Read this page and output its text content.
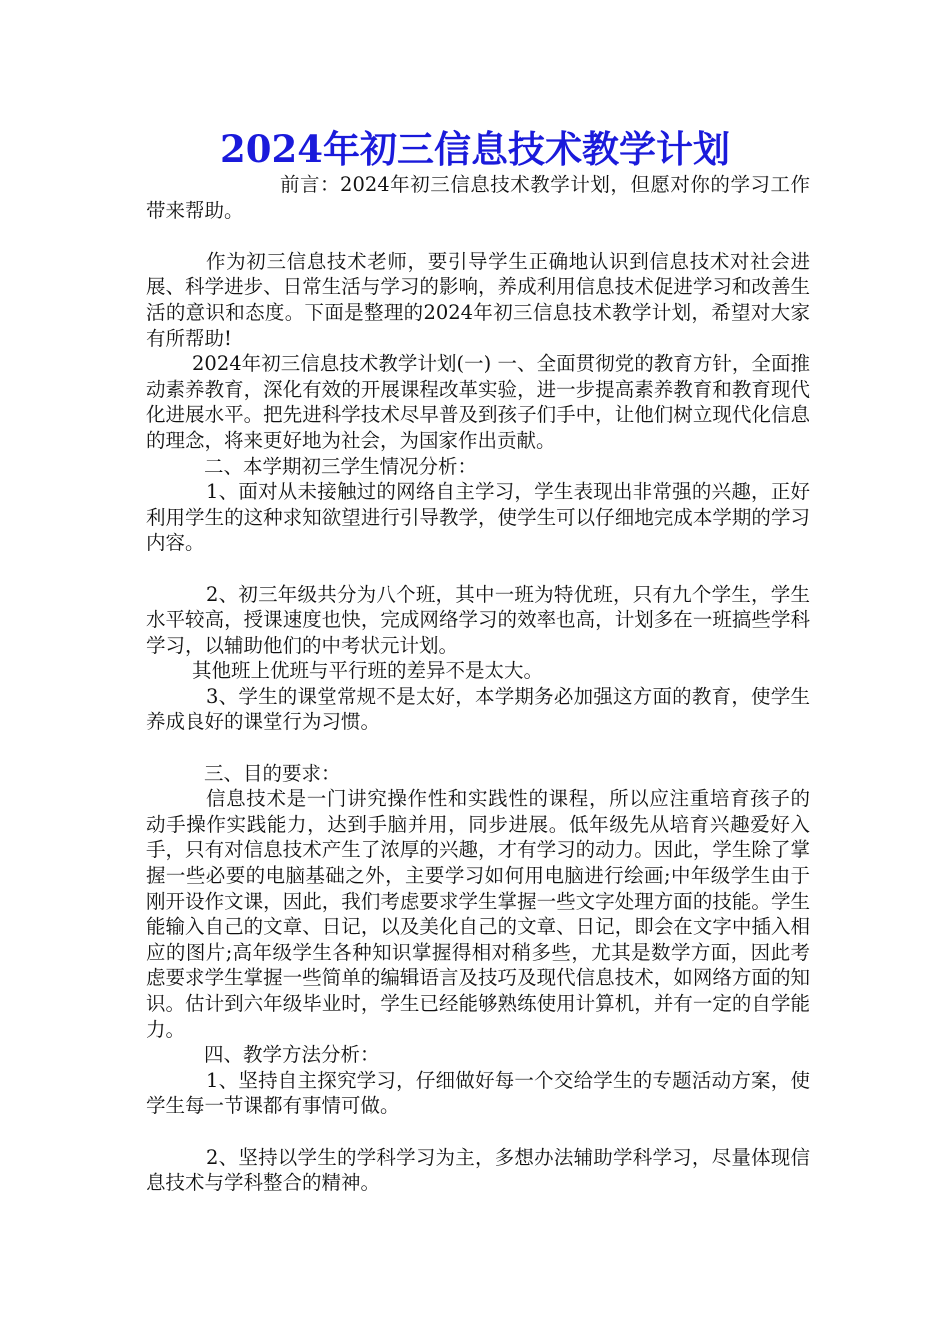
2024年初三信息技术教学计划

前言：2024年初三信息技术教学计划，但愿对你的学习工作带来帮助。

作为初三信息技术老师，要引导学生正确地认识到信息技术对社会进展、科学进步、日常生活与学习的影响，养成利用信息技术促进学习和改善生活的意识和态度。下面是整理的2024年初三信息技术教学计划，希望对大家有所帮助!

2024年初三信息技术教学计划(一) 一、全面贯彻党的教育方针，全面推动素养教育，深化有效的开展课程改革实验，进一步提高素养教育和教育现代化进展水平。把先进科学技术尽早普及到孩子们手中，让他们树立现代化信息的理念，将来更好地为社会，为国家作出贡献。

二、本学期初三学生情况分析：

1、面对从未接触过的网络自主学习，学生表现出非常强的兴趣，正好利用学生的这种求知欲望进行引导教学，使学生可以仔细地完成本学期的学习内容。

2、初三年级共分为八个班，其中一班为特优班，只有九个学生，学生水平较高，授课速度也快，完成网络学习的效率也高，计划多在一班搞些学科学习，以辅助他们的中考状元计划。

其他班上优班与平行班的差异不是太大。

3、学生的课堂常规不是太好，本学期务必加强这方面的教育，使学生养成良好的课堂行为习惯。

三、目的要求：

信息技术是一门讲究操作性和实践性的课程，所以应注重培育孩子的动手操作实践能力，达到手脑并用，同步进展。低年级先从培育兴趣爱好入手，只有对信息技术产生了浓厚的兴趣，才有学习的动力。因此，学生除了掌握一些必要的电脑基础之外，主要学习如何用电脑进行绘画;中年级学生由于刚开设作文课，因此，我们考虑要求学生掌握一些文字处理方面的技能。学生能输入自己的文章、日记，以及美化自己的文章、日记，即会在文字中插入相应的图片;高年级学生各种知识掌握得相对稍多些，尤其是数学方面，因此考虑要求学生掌握一些简单的编辑语言及技巧及现代信息技术，如网络方面的知识。估计到六年级毕业时，学生已经能够熟练使用计算机，并有一定的自学能力。

四、教学方法分析：

1、坚持自主探究学习，仔细做好每一个交给学生的专题活动方案，使学生每一节课都有事情可做。

2、坚持以学生的学科学习为主，多想办法辅助学科学习，尽量体现信息技术与学科整合的精神。
